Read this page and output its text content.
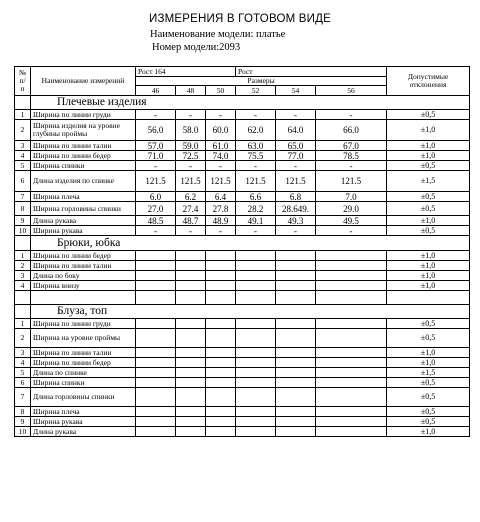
ИЗМЕРЕНИЯ В ГОТОВОМ ВИДЕ
Наименование модели: платье
Номер модели:2093
№ п/ п	Наименование измерений	Рост 164			Рост			Допустимые отклонения
		Размеры						
		46	48	50	52	54	56	
	Плечевые изделия							
1	Ширина по линии груди	-	-	-	-	-	-	±0,5
2	Ширина изделия на уровне глубины проймы	56.0	58.0	60.0	62.0	64.0	66.0	±1,0
3	Ширина по линии талии	57.0	59.0	61.0	63.0	65.0	67.0	±1,0
4	Ширина по линии бедер	71.0	72.5	74.0	75.5	77.0	78.5	±1,0
5	Ширина спинки	-	-	-	-	-	-	±0,5
6	Длина изделия по спинке	121.5	121.5	121.5	121.5	121.5	121.5	±1,5
7	Ширина плеча	6.0	6.2	6.4	6.6	6.8	7.0	±0,5
8	Ширина горловины спинки	27.0	27.4	27.8	28.2	28.649.	29.0	±0,5
9	Длина рукава	48.5	48.7	48.9	49.1	49.3	49.5	±1,0
10	Ширина рукава	-	-	-	-	-	-	±0,5
	Брюки, юбка							
1	Ширина по линии бедер							±1,0
2	Ширина по линии талии							±1,0
3	Длина по боку							±1,0
4	Ширина внизу							±1,0

	Блуза, топ							
1	Ширина по линии груди							±0,5
2	Ширина на уровне проймы							±0,5
3	Ширина по линии талии							±1,0
4	Ширина по линии бедер							±1,0
5	Длина по спинке							±1,5
6	Ширина спинки							±0,5
7	Длина горловины спинки							±0,5
8	Ширина плеча							±0,5
9	Ширина рукава							±0,5
10	Длина рукава							±1,0
